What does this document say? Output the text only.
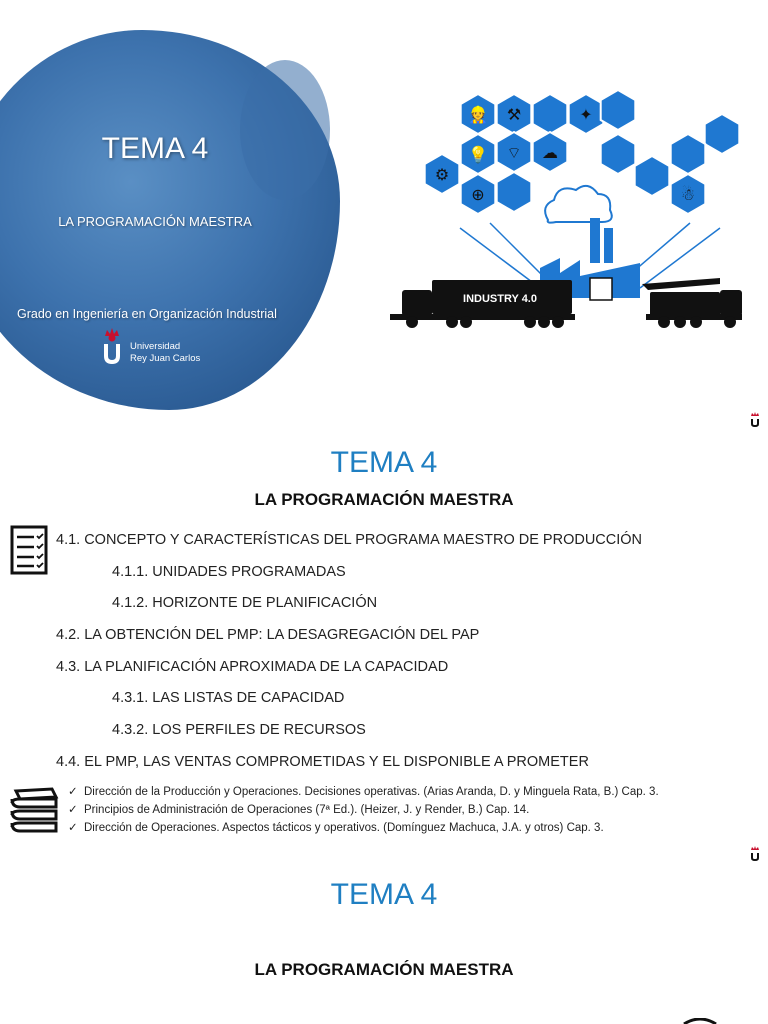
TEMA 4
LA PROGRAMACIÓN MAESTRA
Grado en Ingeniería en Organización Industrial
Universidad
Rey Juan Carlos
👷 ⚒	✦
⌔ ☁
💡
⚙
⊕	☃
INDUSTRY 4.0
TEMA 4
LA PROGRAMACIÓN MAESTRA
4.1. CONCEPTO Y CARACTERÍSTICAS DEL PROGRAMA MAESTRO DE PRODUCCIÓN
4.1.1. UNIDADES PROGRAMADAS
4.1.2. HORIZONTE DE PLANIFICACIÓN
4.2. LA OBTENCIÓN DEL PMP: LA DESAGREGACIÓN DEL PAP
4.3. LA PLANIFICACIÓN APROXIMADA DE LA CAPACIDAD
4.3.1. LAS LISTAS DE CAPACIDAD
4.3.2. LOS PERFILES DE RECURSOS
4.4. EL PMP, LAS VENTAS COMPROMETIDAS Y EL DISPONIBLE A PROMETER
✓ Dirección de la Producción y Operaciones. Decisiones operativas. (Arias Aranda, D. y Minguela Rata, B.) Cap. 3.
✓ Principios de Administración de Operaciones (7ª Ed.). (Heizer, J. y Render, B.) Cap. 14.
✓ Dirección de Operaciones. Aspectos tácticos y operativos. (Domínguez Machuca, J.A. y otros) Cap. 3.
TEMA 4
LA PROGRAMACIÓN MAESTRA
